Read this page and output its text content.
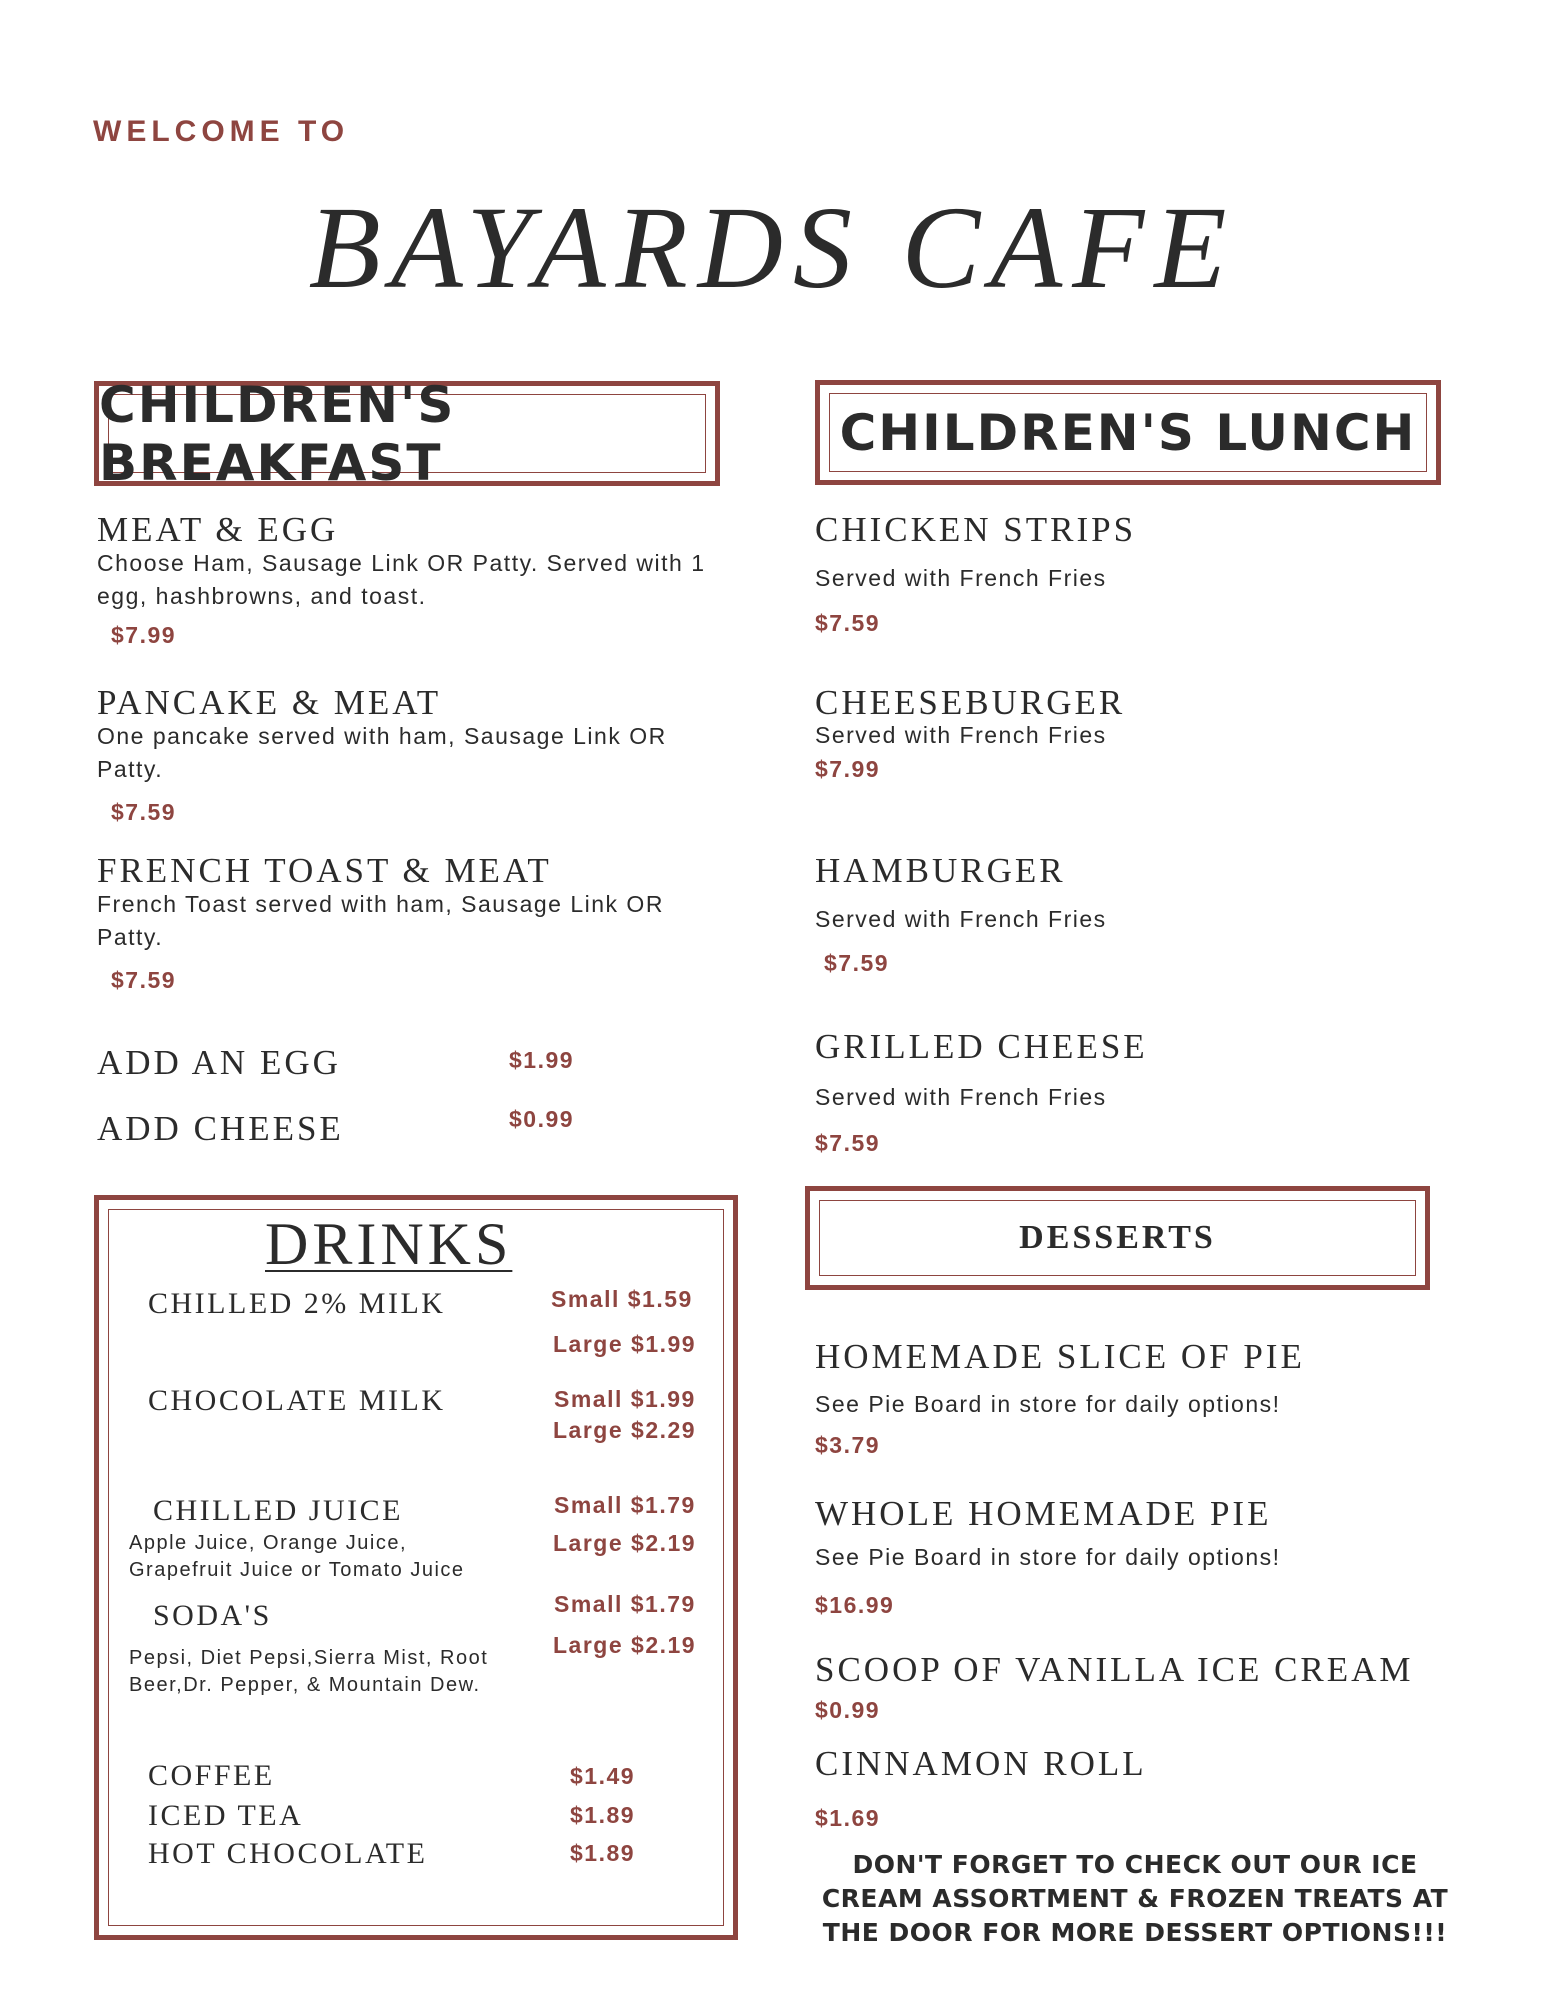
WELCOME TO
BAYARDS CAFE
CHILDREN'S BREAKFAST
CHILDREN'S LUNCH
MEAT & EGG
Choose Ham, Sausage Link OR Patty. Served with 1 egg, hashbrowns, and toast.
$7.99
PANCAKE & MEAT
One pancake served with ham, Sausage Link OR Patty.
$7.59
FRENCH TOAST & MEAT
French Toast served with ham, Sausage Link OR Patty.
$7.59
ADD AN EGG	$1.99
ADD CHEESE	$0.99
CHICKEN STRIPS
Served with French Fries
$7.59
CHEESEBURGER
Served with French Fries
$7.99
HAMBURGER
Served with French Fries
$7.59
GRILLED CHEESE
Served with French Fries
$7.59
DRINKS
CHILLED 2% MILK	Small $1.59
Large $1.99
CHOCOLATE MILK	Small $1.99
Large $2.29
CHILLED JUICE
Apple Juice, Orange Juice, Grapefruit Juice or Tomato Juice
Small $1.79
Large $2.19
SODA'S
Pepsi, Diet Pepsi,Sierra Mist, Root Beer,Dr. Pepper, & Mountain Dew.
Small $1.79
Large $2.19
COFFEE	$1.49
ICED TEA	$1.89
HOT CHOCOLATE	$1.89
DESSERTS
HOMEMADE SLICE OF PIE
See Pie Board in store for daily options!
$3.79
WHOLE HOMEMADE PIE
See Pie Board in store for daily options!
$16.99
SCOOP OF VANILLA ICE CREAM
$0.99
CINNAMON ROLL
$1.69
DON'T FORGET TO CHECK OUT OUR ICE CREAM ASSORTMENT & FROZEN TREATS AT THE DOOR FOR MORE DESSERT OPTIONS!!!
